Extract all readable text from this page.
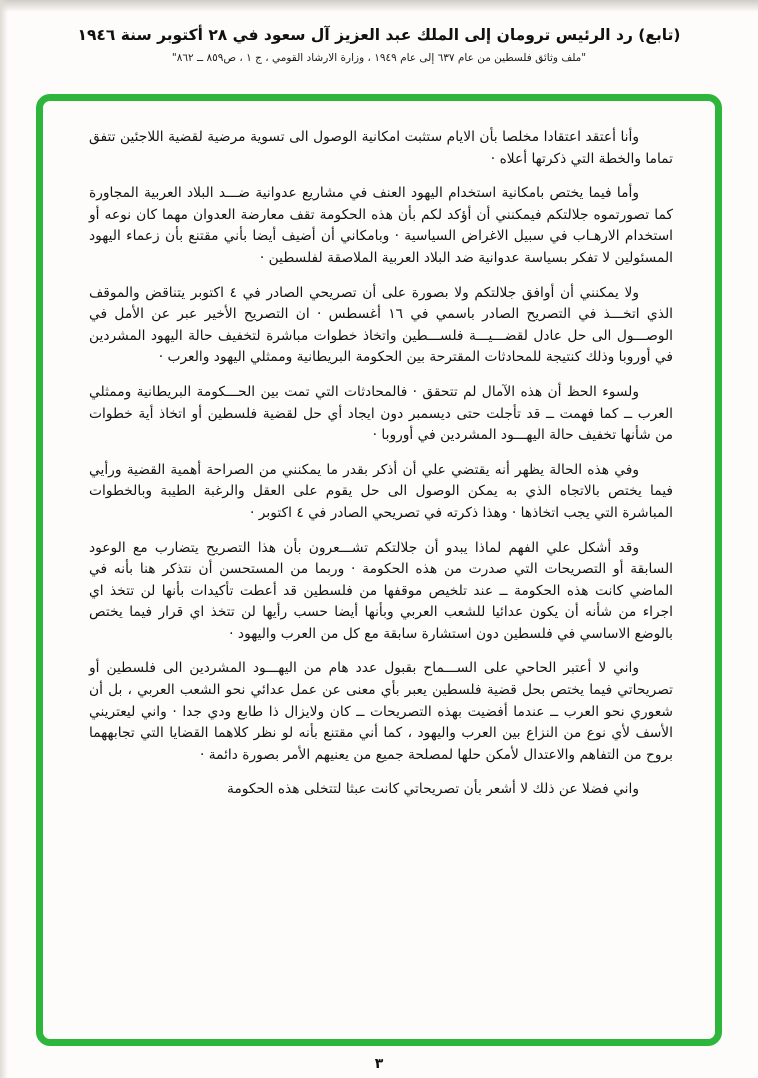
(تابع) رد الرئيس ترومان إلى الملك عبد العزيز آل سعود في ٢٨ أكتوبر سنة ١٩٤٦
"ملف وثائق فلسطين من عام ٦٣٧ إلى عام ١٩٤٩ ، وزارة الارشاد القومي ، ج ١ ، ص٨٥٩ ــ ٨٦٢"

وأنا أعتقد اعتقادا مخلصا بأن الايام ستثبت امكانية الوصول الى تسوية مرضية لقضية اللاجئين تتفق تماما والخطة التي ذكرتها أعلاه ·

وأما فيما يختص بامكانية استخدام اليهود العنف في مشاريع عدوانية ضـــد البلاد العربية المجاورة كما تصورتموه جلالتكم فيمكنني أن أؤكد لكم بأن هذه الحكومة تقف معارضة العدوان مهما كان نوعه أو استخدام الارهـاب في سبيل الاغراض السياسية · وبامكاني أن أضيف أيضا بأني مقتنع بأن زعماء اليهود المسئولين لا تفكر بسياسة عدوانية ضد البلاد العربية الملاصقة لفلسطين ·

ولا يمكنني أن أوافق جلالتكم ولا بصورة على أن تصريحي الصادر في ٤ اكتوبر يتناقض والموقف الذي اتخـــذ في التصريح الصادر باسمي في ١٦ أغسطس · ان التصريح الأخير عبر عن الأمل في الوصـــول الى حل عادل لقضـــيـــة فلســـطين واتخاذ خطوات مباشرة لتخفيف حالة اليهود المشردين في أوروبا وذلك كنتيجة للمحادثات المقترحة بين الحكومة البريطانية وممثلي اليهود والعرب ·

ولسوء الحظ أن هذه الآمال لم تتحقق · فالمحادثات التي تمت بين الحـــكومة البريطانية وممثلي العرب ــ كما فهمت ــ قد تأجلت حتى ديسمبر دون ايجاد أي حل لقضية فلسطين أو اتخاذ أية خطوات من شأنها تخفيف حالة اليهـــود المشردين في أوروبا ·

وفي هذه الحالة يظهر أنه يقتضي علي أن أذكر بقدر ما يمكنني من الصراحة أهمية القضية ورأيي فيما يختص بالاتجاه الذي به يمكن الوصول الى حل يقوم على العقل والرغبة الطيبة وبالخطوات المباشرة التي يجب اتخاذها · وهذا ذكرته في تصريحي الصادر في ٤ اكتوبر ·

وقد أشكل علي الفهم لماذا يبدو أن جلالتكم تشـــعرون بأن هذا التصريح يتضارب مع الوعود السابقة أو التصريحات التي صدرت من هذه الحكومة · وربما من المستحسن أن نتذكر هنا بأنه في الماضي كانت هذه الحكومة ــ عند تلخيص موقفها من فلسطين قد أعطت تأكيدات بأنها لن تتخذ اي اجراء من شأنه أن يكون عدائيا للشعب العربي وبأنها أيضا حسب رأيها لن تتخذ اي قرار فيما يختص بالوضع الاساسي في فلسطين دون استشارة سابقة مع كل من العرب واليهود ·

واني لا أعتبر الحاحي على الســـماح بقبول عدد هام من اليهـــود المشردين الى فلسطين أو تصريحاتي فيما يختص بحل قضية فلسطين يعبر بأي معنى عن عمل عدائي نحو الشعب العربي ، بل أن شعوري نحو العرب ــ عندما أفضيت بهذه التصريحات ــ كان ولايزال ذا طابع ودي جدا · واني ليعتريني الأسف لأي نوع من النزاع بين العرب واليهود ، كما أني مقتنع بأنه لو نظر كلاهما القضايا التي تجابههما بروح من التفاهم والاعتدال لأمكن حلها لمصلحة جميع من يعنيهم الأمر بصورة دائمة ·

واني فضلا عن ذلك لا أشعر بأن تصريحاتي كانت عبثا لتتخلى هذه الحكومة

٣
